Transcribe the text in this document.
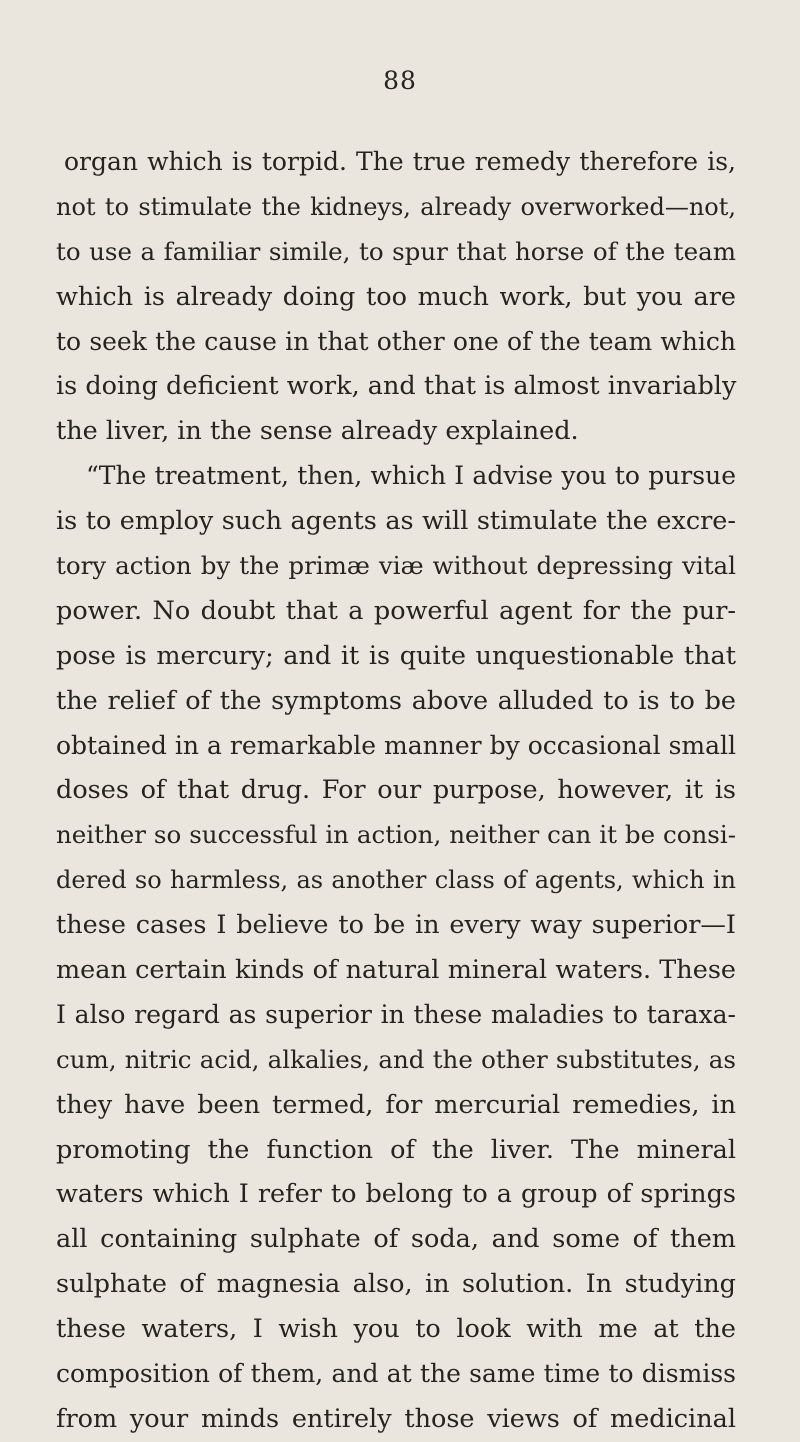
88
organ which is torpid. The true remedy therefore is,
not to stimulate the kidneys, already overworked—not,
to use a familiar simile, to spur that horse of the team
which is already doing too much work, but you are
to seek the cause in that other one of the team which
is doing deficient work, and that is almost invariably
the liver, in the sense already explained.
“The treatment, then, which I advise you to pursue
is to employ such agents as will stimulate the excre-
tory action by the primæ viæ without depressing vital
power. No doubt that a powerful agent for the pur-
pose is mercury; and it is quite unquestionable that
the relief of the symptoms above alluded to is to be
obtained in a remarkable manner by occasional small
doses of that drug. For our purpose, however, it is
neither so successful in action, neither can it be consi-
dered so harmless, as another class of agents, which in
these cases I believe to be in every way superior—I
mean certain kinds of natural mineral waters. These
I also regard as superior in these maladies to taraxa-
cum, nitric acid, alkalies, and the other substitutes, as
they have been termed, for mercurial remedies, in
promoting the function of the liver. The mineral
waters which I refer to belong to a group of springs
all containing sulphate of soda, and some of them
sulphate of magnesia also, in solution. In studying
these waters, I wish you to look with me at the
composition of them, and at the same time to dismiss
from your minds entirely those views of medicinal
